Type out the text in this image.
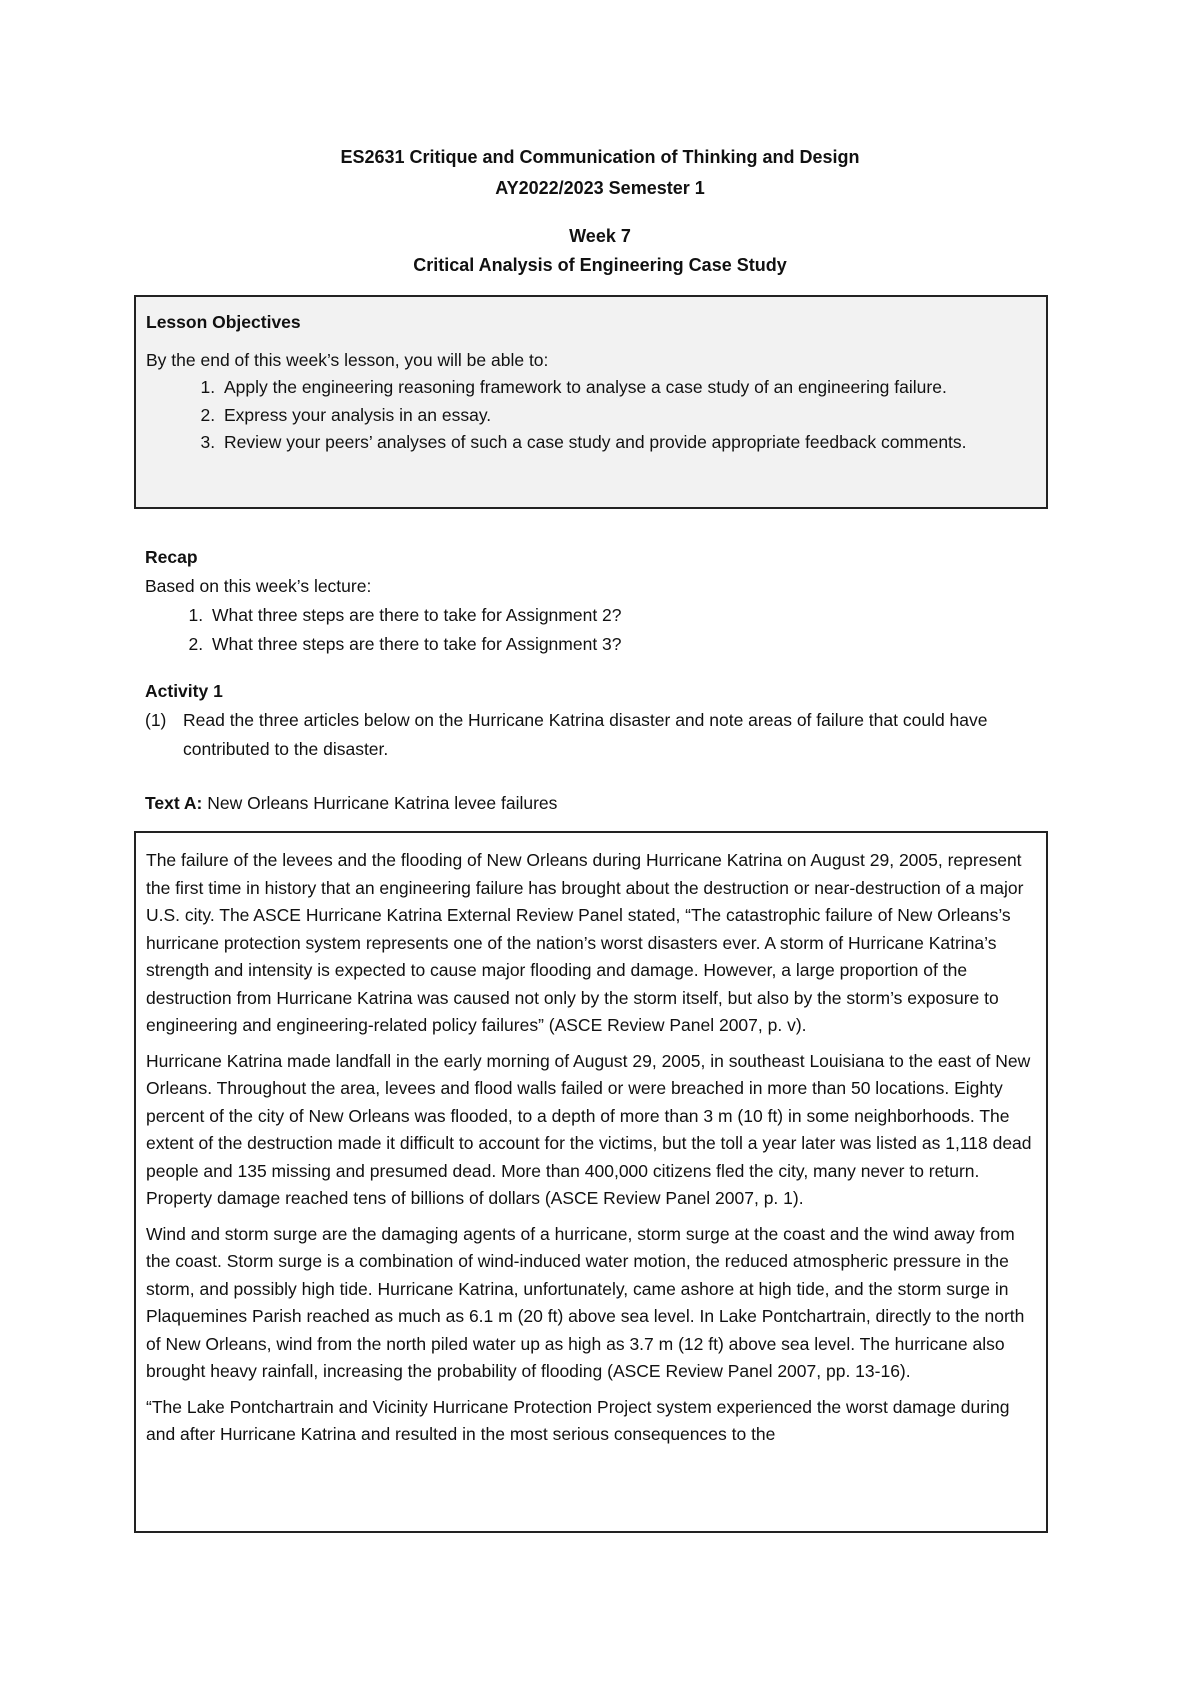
ES2631 Critique and Communication of Thinking and Design
AY2022/2023 Semester 1
Week 7
Critical Analysis of Engineering Case Study
Lesson Objectives
By the end of this week’s lesson, you will be able to:
1. Apply the engineering reasoning framework to analyse a case study of an engineering failure.
2. Express your analysis in an essay.
3. Review your peers’ analyses of such a case study and provide appropriate feedback comments.
Recap
Based on this week’s lecture:
1. What three steps are there to take for Assignment 2?
2. What three steps are there to take for Assignment 3?
Activity 1
(1) Read the three articles below on the Hurricane Katrina disaster and note areas of failure that could have contributed to the disaster.
Text A: New Orleans Hurricane Katrina levee failures

The failure of the levees and the flooding of New Orleans during Hurricane Katrina on August 29, 2005, represent the first time in history that an engineering failure has brought about the destruction or near-destruction of a major U.S. city. The ASCE Hurricane Katrina External Review Panel stated, “The catastrophic failure of New Orleans’s hurricane protection system represents one of the nation’s worst disasters ever. A storm of Hurricane Katrina’s strength and intensity is expected to cause major flooding and damage. However, a large proportion of the destruction from Hurricane Katrina was caused not only by the storm itself, but also by the storm’s exposure to engineering and engineering-related policy failures” (ASCE Review Panel 2007, p. v).

Hurricane Katrina made landfall in the early morning of August 29, 2005, in southeast Louisiana to the east of New Orleans. Throughout the area, levees and flood walls failed or were breached in more than 50 locations. Eighty percent of the city of New Orleans was flooded, to a depth of more than 3 m (10 ft) in some neighborhoods. The extent of the destruction made it difficult to account for the victims, but the toll a year later was listed as 1,118 dead people and 135 missing and presumed dead. More than 400,000 citizens fled the city, many never to return. Property damage reached tens of billions of dollars (ASCE Review Panel 2007, p. 1).

Wind and storm surge are the damaging agents of a hurricane, storm surge at the coast and the wind away from the coast. Storm surge is a combination of wind-induced water motion, the reduced atmospheric pressure in the storm, and possibly high tide. Hurricane Katrina, unfortunately, came ashore at high tide, and the storm surge in Plaquemines Parish reached as much as 6.1 m (20 ft) above sea level. In Lake Pontchartrain, directly to the north of New Orleans, wind from the north piled water up as high as 3.7 m (12 ft) above sea level. The hurricane also brought heavy rainfall, increasing the probability of flooding (ASCE Review Panel 2007, pp. 13-16).

“The Lake Pontchartrain and Vicinity Hurricane Protection Project system experienced the worst damage during and after Hurricane Katrina and resulted in the most serious consequences to the
